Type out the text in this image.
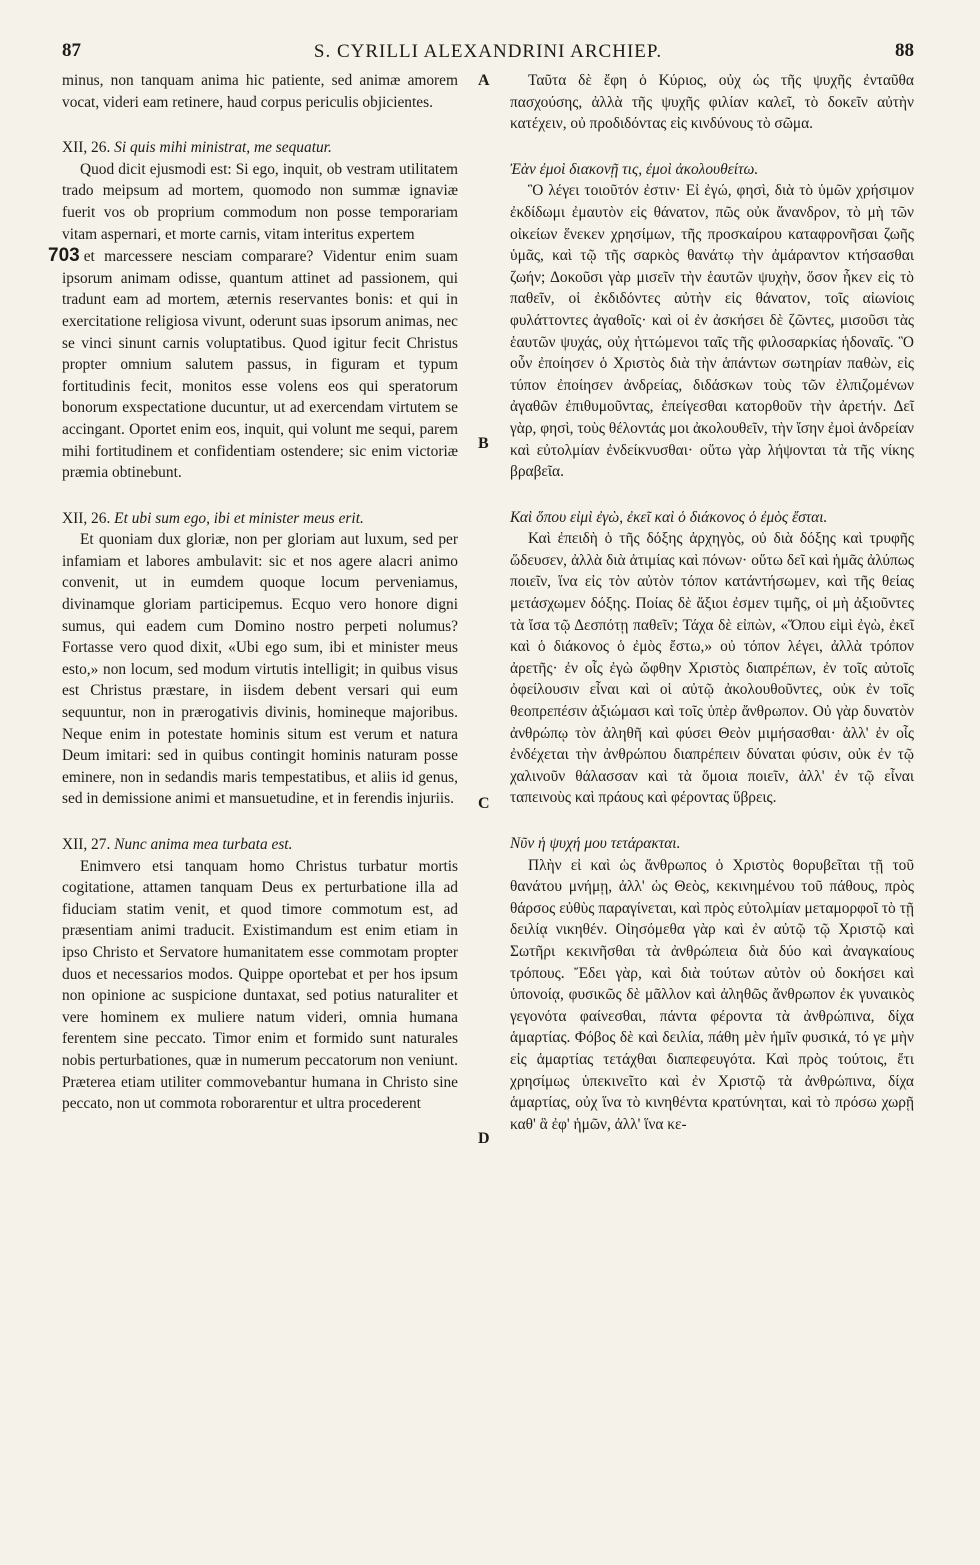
87	S. CYRILLI ALEXANDRINI ARCHIEP.	88
A
B
C
D

minus, non tanquam anima hic patiente, sed animæ amorem vocat, videri eam retinere, haud corpus periculis objicientes.

XII, 26. Si quis mihi ministrat, me sequatur.

Quod dicit ejusmodi est: Si ego, inquit, ob vestram utilitatem trado meipsum ad mortem, quomodo non summæ ignaviæ fuerit vos ob proprium commodum non posse temporariam vitam aspernari, et morte carnis, vitam interitus expertem
703 et marcessere nesciam comparare? Videntur enim suam ipsorum animam odisse, quantum attinet ad passionem, qui tradunt eam ad mortem, æternis reservantes bonis: et qui in exercitatione religiosa vivunt, oderunt suas ipsorum animas, nec se vinci sinunt carnis voluptatibus. Quod igitur fecit Christus propter omnium salutem passus, in figuram et typum fortitudinis fecit, monitos esse volens eos qui speratorum bonorum exspectatione ducuntur, ut ad exercendam virtutem se accingant. Oportet enim eos, inquit, qui volunt me sequi, parem mihi fortitudinem et confidentiam ostendere; sic enim victoriæ præmia obtinebunt.

XII, 26. Et ubi sum ego, ibi et minister meus erit.

Et quoniam dux gloriæ, non per gloriam aut luxum, sed per infamiam et labores ambulavit: sic et nos agere alacri animo convenit, ut in eumdem quoque locum perveniamus, divinamque gloriam participemus. Ecquo vero honore digni sumus, qui eadem cum Domino nostro perpeti nolumus? Fortasse vero quod dixit, «Ubi ego sum, ibi et minister meus esto,» non locum, sed modum virtutis intelligit; in quibus visus est Christus præstare, in iisdem debent versari qui eum sequuntur, non in prærogativis divinis, homineque majoribus. Neque enim in potestate hominis situm est verum et natura Deum imitari: sed in quibus contingit hominis naturam posse eminere, non in sedandis maris tempestatibus, et aliis id genus, sed in demissione animi et mansuetudine, et in ferendis injuriis.

XII, 27. Nunc anima mea turbata est.

Enimvero etsi tanquam homo Christus turbatur mortis cogitatione, attamen tanquam Deus ex perturbatione illa ad fiduciam statim venit, et quod timore commotum est, ad præsentiam animi traducit. Existimandum est enim etiam in ipso Christo et Servatore humanitatem esse commotam propter duos et necessarios modos. Quippe oportebat et per hos ipsum non opinione ac suspicione duntaxat, sed potius naturaliter et vere hominem ex muliere natum videri, omnia humana ferentem sine peccato. Timor enim et formido sunt naturales nobis perturbationes, quæ in numerum peccatorum non veniunt. Præterea etiam utiliter commovebantur humana in Christo sine peccato, non ut commota roborarentur et ultra procederent

Ταῦτα δὲ ἔφη ὁ Κύριος, οὐχ ὡς τῆς ψυχῆς ἐνταῦθα πασχούσης, ἀλλὰ τῆς ψυχῆς φιλίαν καλεῖ, τὸ δοκεῖν αὐτὴν κατέχειν, οὐ προδιδόντας εἰς κινδύνους τὸ σῶμα.

Ἐὰν ἐμοὶ διακονῇ τις, ἐμοὶ ἀκολουθείτω.

Ὃ λέγει τοιοῦτόν ἐστιν· Εἰ ἐγώ, φησὶ, διὰ τὸ ὑμῶν χρήσιμον ἐκδίδωμι ἐμαυτὸν εἰς θάνατον, πῶς οὐκ ἄνανδρον, τὸ μὴ τῶν οἰκείων ἕνεκεν χρησίμων, τῆς προσκαίρου καταφρονῆσαι ζωῆς ὑμᾶς, καὶ τῷ τῆς σαρκὸς θανάτῳ τὴν ἀμάραντον κτήσασθαι ζωήν; Δοκοῦσι γὰρ μισεῖν τὴν ἑαυτῶν ψυχὴν, ὅσον ἧκεν εἰς τὸ παθεῖν, οἱ ἐκδιδόντες αὐτὴν εἰς θάνατον, τοῖς αἰωνίοις φυλάττοντες ἀγαθοῖς· καὶ οἱ ἐν ἀσκήσει δὲ ζῶντες, μισοῦσι τὰς ἑαυτῶν ψυχάς, οὐχ ἡττώμενοι ταῖς τῆς φιλοσαρκίας ἡδοναῖς. Ὃ οὖν ἐποίησεν ὁ Χριστὸς διὰ τὴν ἁπάντων σωτηρίαν παθὼν, εἰς τύπον ἐποίησεν ἀνδρείας, διδάσκων τοὺς τῶν ἐλπιζομένων ἀγαθῶν ἐπιθυμοῦντας, ἐπείγεσθαι κατορθοῦν τὴν ἀρετήν. Δεῖ γὰρ, φησὶ, τοὺς θέλοντάς μοι ἀκολουθεῖν, τὴν ἴσην ἐμοὶ ἀνδρείαν καὶ εὐτολμίαν ἐνδείκνυσθαι· οὕτω γὰρ λήψονται τὰ τῆς νίκης βραβεῖα.

Καὶ ὅπου εἰμὶ ἐγὼ, ἐκεῖ καὶ ὁ διάκονος ὁ ἐμὸς ἔσται.

Καὶ ἐπειδὴ ὁ τῆς δόξης ἀρχηγὸς, οὐ διὰ δόξης καὶ τρυφῆς ὥδευσεν, ἀλλὰ διὰ ἀτιμίας καὶ πόνων· οὕτω δεῖ καὶ ἡμᾶς ἀλύπως ποιεῖν, ἵνα εἰς τὸν αὐτὸν τόπον κατάντήσωμεν, καὶ τῆς θείας μετάσχωμεν δόξης. Ποίας δὲ ἄξιοι ἐσμεν τιμῆς, οἱ μὴ ἀξιοῦντες τὰ ἴσα τῷ Δεσπότῃ παθεῖν; Τάχα δὲ εἰπὼν, «Ὅπου εἰμὶ ἐγὼ, ἐκεῖ καὶ ὁ διάκονος ὁ ἐμὸς ἔστω,» οὐ τόπον λέγει, ἀλλὰ τρόπον ἀρετῆς· ἐν οἷς ἐγὼ ὤφθην Χριστὸς διαπρέπων, ἐν τοῖς αὐτοῖς ὀφείλουσιν εἶναι καὶ οἱ αὐτῷ ἀκολουθοῦντες, οὐκ ἐν τοῖς θεοπρεπέσιν ἀξιώμασι καὶ τοῖς ὑπὲρ ἄνθρωπον. Οὐ γὰρ δυνατὸν ἀνθρώπῳ τὸν ἀληθῆ καὶ φύσει Θεὸν μιμήσασθαι· ἀλλ' ἐν οἷς ἐνδέχεται τὴν ἀνθρώπου διαπρέπειν δύναται φύσιν, οὐκ ἐν τῷ χαλινοῦν θάλασσαν καὶ τὰ ὅμοια ποιεῖν, ἀλλ' ἐν τῷ εἶναι ταπεινοὺς καὶ πράους καὶ φέροντας ὕβρεις.

Νῦν ἡ ψυχή μου τετάρακται.

Πλὴν εἰ καὶ ὡς ἄνθρωπος ὁ Χριστὸς θορυβεῖται τῇ τοῦ θανάτου μνήμῃ, ἀλλ' ὡς Θεὸς, κεκινημένου τοῦ πάθους, πρὸς θάρσος εὐθὺς παραγίνεται, καὶ πρὸς εὐτολμίαν μεταμορφοῖ τὸ τῇ δειλίᾳ νικηθέν. Οἰησόμεθα γὰρ καὶ ἐν αὐτῷ τῷ Χριστῷ καὶ Σωτῆρι κεκινῆσθαι τὰ ἀνθρώπεια διὰ δύο καὶ ἀναγκαίους τρόπους. Ἔδει γὰρ, καὶ διὰ τούτων αὐτὸν οὐ δοκήσει καὶ ὑπονοίᾳ, φυσικῶς δὲ μᾶλλον καὶ ἀληθῶς ἄνθρωπον ἐκ γυναικὸς γεγονότα φαίνεσθαι, πάντα φέροντα τὰ ἀνθρώπινα, δίχα ἁμαρτίας. Φόβος δὲ καὶ δειλία, πάθη μὲν ἡμῖν φυσικά, τό γε μὴν εἰς ἁμαρτίας τετάχθαι διαπεφευγότα. Καὶ πρὸς τούτοις, ἔτι χρησίμως ὑπεκινεῖτο καὶ ἐν Χριστῷ τὰ ἀνθρώπινα, δίχα ἁμαρτίας, οὐχ ἵνα τὸ κινηθέντα κρατύνηται, καὶ τὸ πρόσω χωρῇ καθ' ἃ ἐφ' ἡμῶν, ἀλλ' ἵνα κε-
